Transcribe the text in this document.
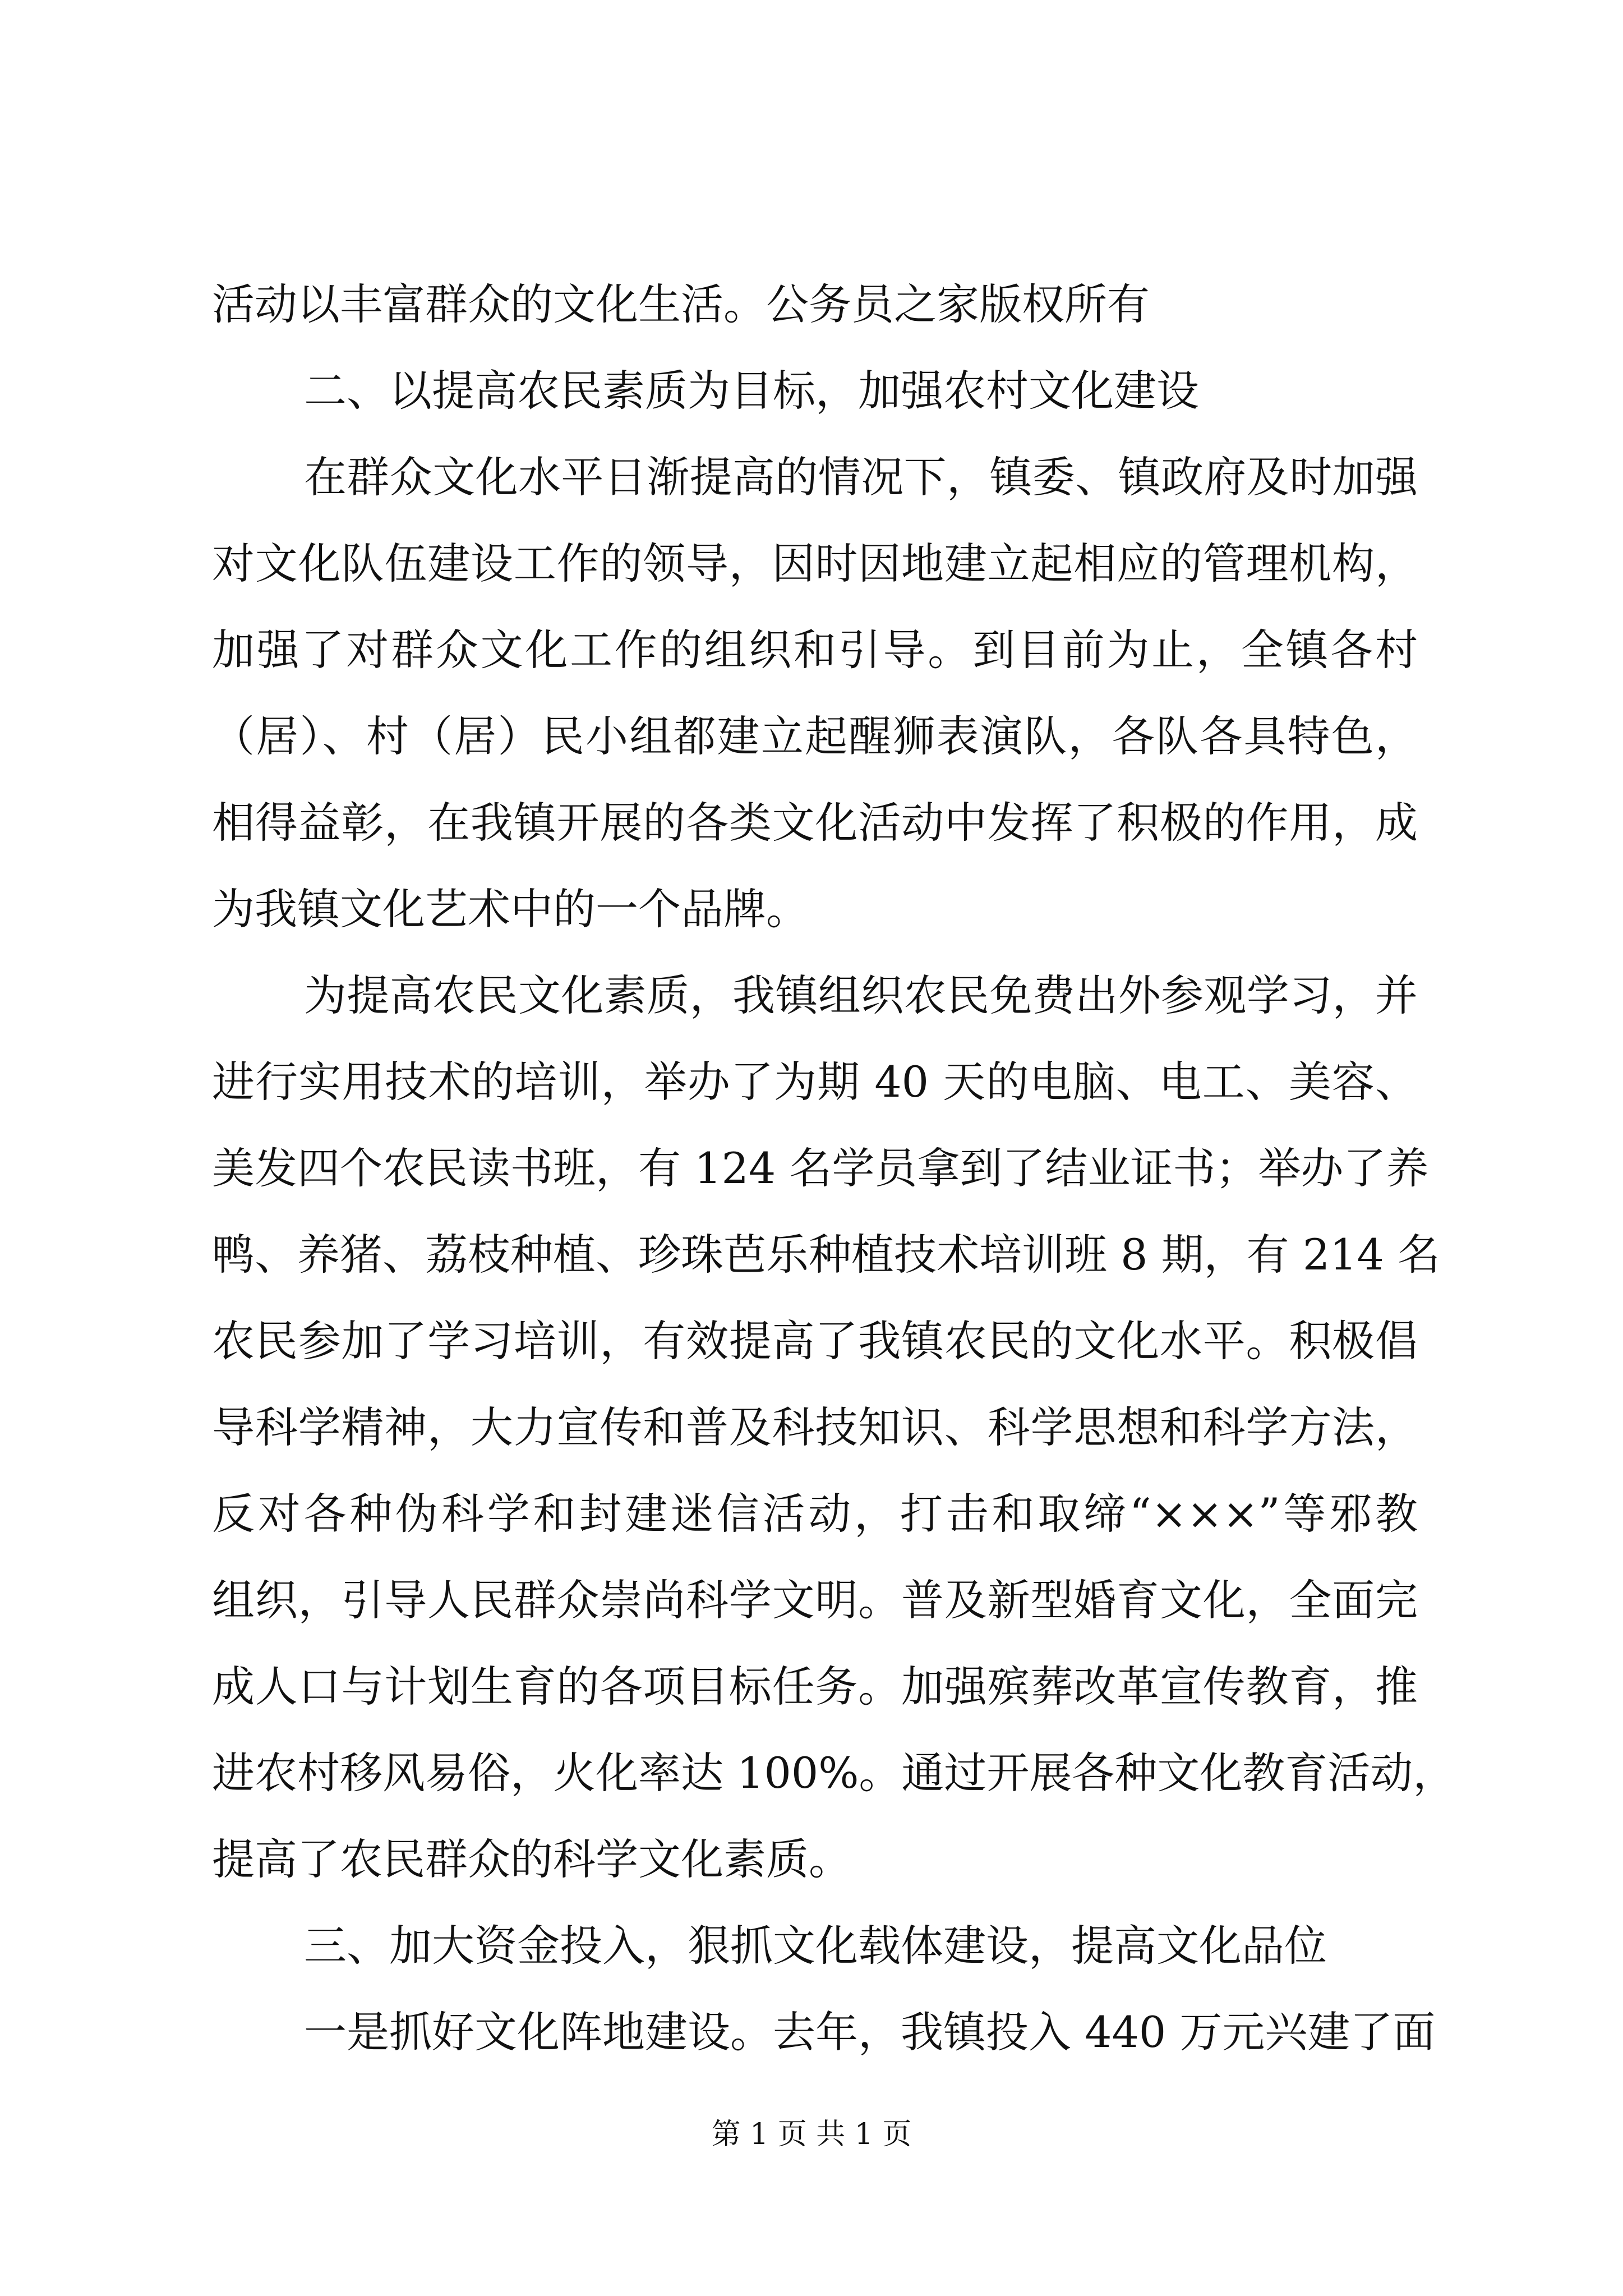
活动以丰富群众的文化生活。公务员之家版权所有
二、以提高农民素质为目标，加强农村文化建设
在群众文化水平日渐提高的情况下，镇委、镇政府及时加强
对文化队伍建设工作的领导，因时因地建立起相应的管理机构，
加强了对群众文化工作的组织和引导。到目前为止，全镇各村
（居）、村（居）民小组都建立起醒狮表演队，各队各具特色，
相得益彰，在我镇开展的各类文化活动中发挥了积极的作用，成
为我镇文化艺术中的一个品牌。
为提高农民文化素质，我镇组织农民免费出外参观学习，并
进行实用技术的培训，举办了为期 40 天的电脑、电工、美容、
美发四个农民读书班，有 124 名学员拿到了结业证书；举办了养
鸭、养猪、荔枝种植、珍珠芭乐种植技术培训班 8 期，有 214 名
农民参加了学习培训，有效提高了我镇农民的文化水平。积极倡
导科学精神，大力宣传和普及科技知识、科学思想和科学方法，
反对各种伪科学和封建迷信活动，打击和取缔“×××”等邪教
组织，引导人民群众崇尚科学文明。普及新型婚育文化，全面完
成人口与计划生育的各项目标任务。加强殡葬改革宣传教育，推
进农村移风易俗，火化率达 100%。通过开展各种文化教育活动，
提高了农民群众的科学文化素质。
三、加大资金投入，狠抓文化载体建设，提高文化品位
一是抓好文化阵地建设。去年，我镇投入 440 万元兴建了面
第 1 页 共 1 页
